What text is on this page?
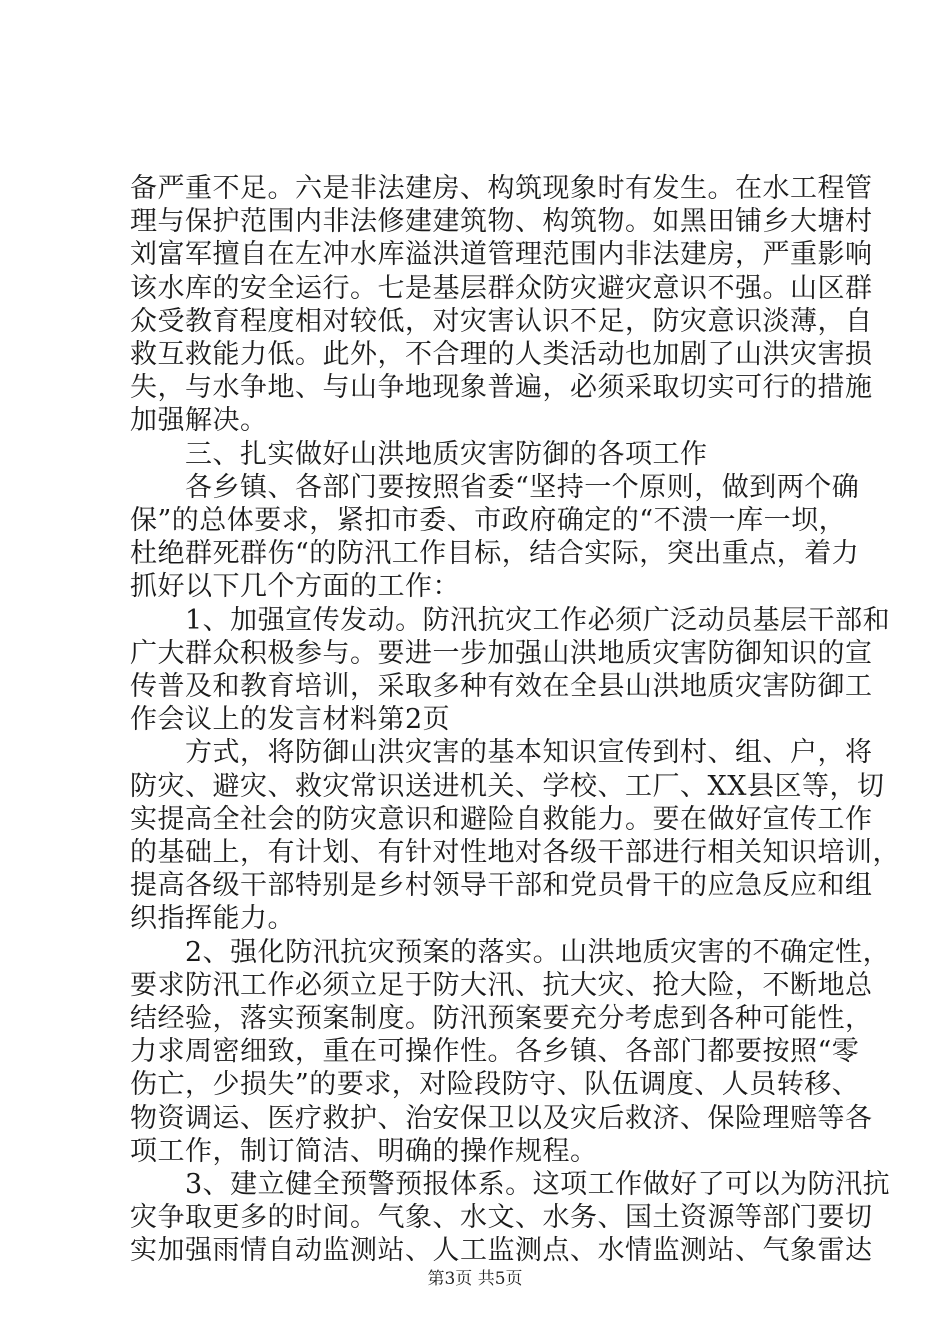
备严重不足。六是非法建房、构筑现象时有发生。在水工程管
理与保护范围内非法修建建筑物、构筑物。如黑田铺乡大塘村
刘富军擅自在左冲水库溢洪道管理范围内非法建房，严重影响
该水库的安全运行。七是基层群众防灾避灾意识不强。山区群
众受教育程度相对较低，对灾害认识不足，防灾意识淡薄，自
救互救能力低。此外，不合理的人类活动也加剧了山洪灾害损
失，与水争地、与山争地现象普遍，必须采取切实可行的措施
加强解决。
　　三、扎实做好山洪地质灾害防御的各项工作
　　各乡镇、各部门要按照省委“坚持一个原则，做到两个确
保”的总体要求，紧扣市委、市政府确定的“不溃一库一坝，
杜绝群死群伤“的防汛工作目标，结合实际，突出重点，着力
抓好以下几个方面的工作：
　　1、加强宣传发动。防汛抗灾工作必须广泛动员基层干部和
广大群众积极参与。要进一步加强山洪地质灾害防御知识的宣
传普及和教育培训，采取多种有效在全县山洪地质灾害防御工
作会议上的发言材料第2页
　　方式，将防御山洪灾害的基本知识宣传到村、组、户，将
防灾、避灾、救灾常识送进机关、学校、工厂、XX县区等，切
实提高全社会的防灾意识和避险自救能力。要在做好宣传工作
的基础上，有计划、有针对性地对各级干部进行相关知识培训，
提高各级干部特别是乡村领导干部和党员骨干的应急反应和组
织指挥能力。
　　2、强化防汛抗灾预案的落实。山洪地质灾害的不确定性，
要求防汛工作必须立足于防大汛、抗大灾、抢大险，不断地总
结经验，落实预案制度。防汛预案要充分考虑到各种可能性，
力求周密细致，重在可操作性。各乡镇、各部门都要按照“零
伤亡，少损失”的要求，对险段防守、队伍调度、人员转移、
物资调运、医疗救护、治安保卫以及灾后救济、保险理赔等各
项工作，制订简洁、明确的操作规程。
　　3、建立健全预警预报体系。这项工作做好了可以为防汛抗
灾争取更多的时间。气象、水文、水务、国土资源等部门要切
第3页 共5页
实加强雨情自动监测站、人工监测点、水情监测站、气象雷达
